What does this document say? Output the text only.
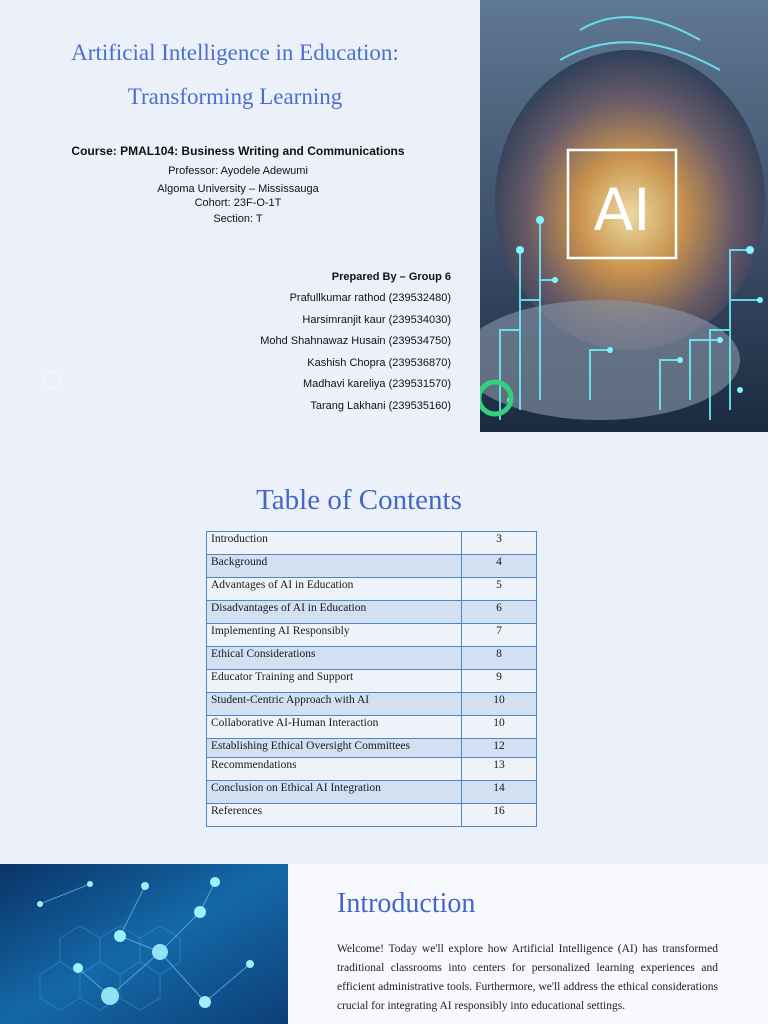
Artificial Intelligence in Education:
Transforming Learning
Course: PMAL104: Business Writing and Communications
Professor: Ayodele Adewumi
Algoma University – Mississauga
Cohort: 23F-O-1T
Section: T
Prepared By – Group 6
Prafullkumar rathod (239532480)
Harsimranjit kaur (239534030)
Mohd Shahnawaz Husain (239534750)
Kashish Chopra (239536870)
Madhavi kareliya (239531570)
Tarang Lakhani (239535160)
AI
Table of Contents
Introduction	3
Background	4
Advantages of AI in Education	5
Disadvantages of AI in Education	6
Implementing AI Responsibly	7
Ethical Considerations	8
Educator Training and Support	9
Student-Centric Approach with AI	10
Collaborative AI-Human Interaction	10
Establishing Ethical Oversight Committees	12
Recommendations	13
Conclusion on Ethical AI Integration	14
References	16
Introduction

Welcome! Today we'll explore how Artificial Intelligence (AI) has transformed traditional classrooms into centers for personalized learning experiences and efficient administrative tools. Furthermore, we'll address the ethical considerations crucial for integrating AI responsibly into educational settings.
